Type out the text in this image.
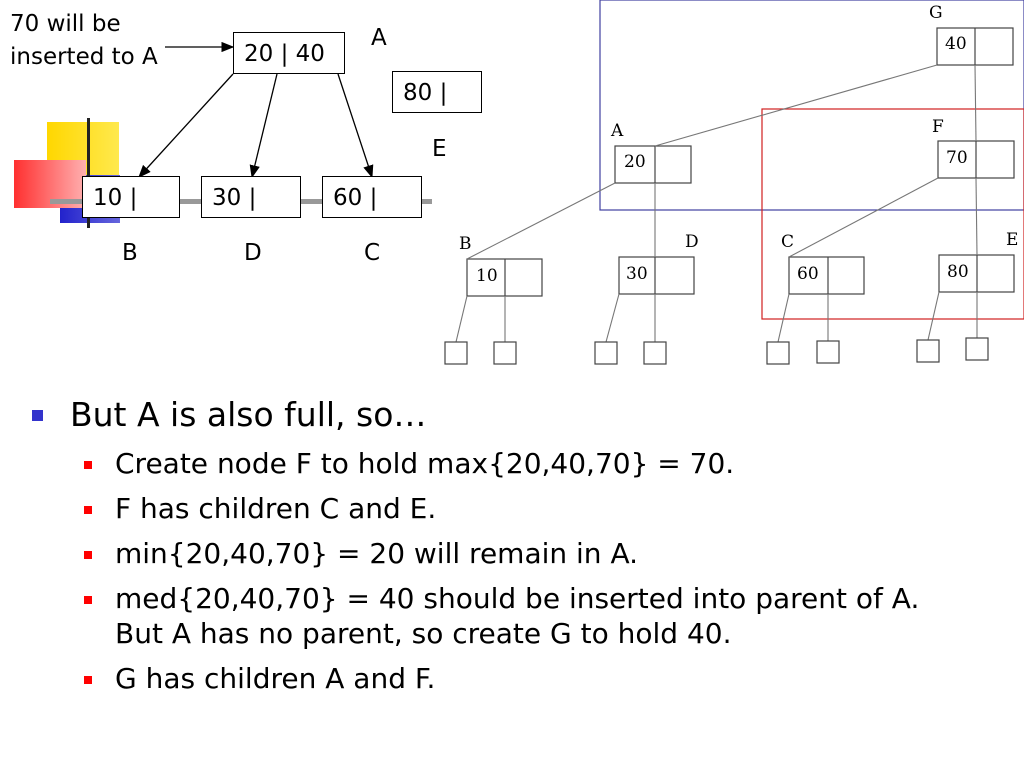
70 will be
inserted to A	20 | 40
A
80 |
E
10 |	30 |	60 |
B	D	C
G
40
A
20
F
70
B
10
D
30
C
60
E
80
But A is also full, so…
Create node F to hold max{20,40,70} = 70.
F has children C and E.
min{20,40,70} = 20 will remain in A.
med{20,40,70} = 40 should be inserted into parent of A.
But A has no parent, so create G to hold 40.
G has children A and F.
